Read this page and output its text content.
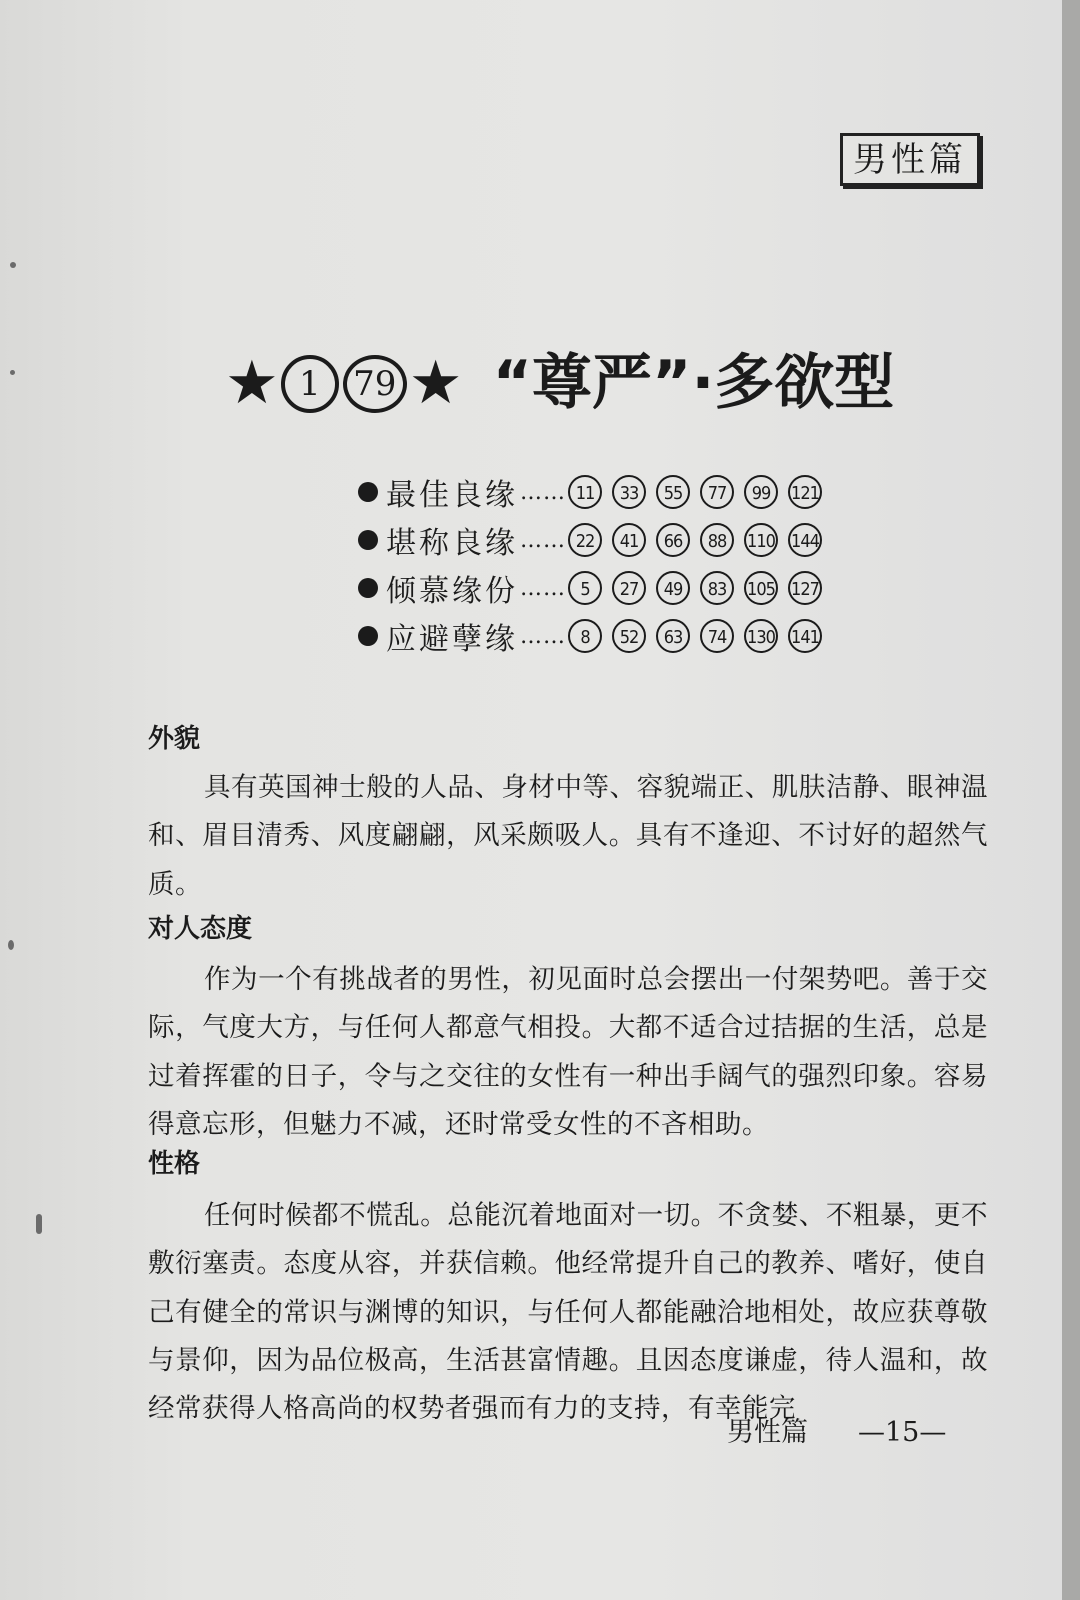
男性篇
★ 1 79 ★ “尊严”·多欲型
最佳良缘 …… 11	33	55	77	99	121
堪称良缘 …… 22	41	66	88	110 144
倾慕缘份 …… 5	27	49	83	105 127
应避孽缘 …… 8	52	63	74	130 141
外貌
具有英国神士般的人品、身材中等、容貌端正、肌肤洁静、眼神温和、眉目清秀、风度翩翩，风采颇吸人。具有不逢迎、不讨好的超然气质。
对人态度
作为一个有挑战者的男性，初见面时总会摆出一付架势吧。善于交际，气度大方，与任何人都意气相投。大都不适合过拮据的生活，总是过着挥霍的日子，令与之交往的女性有一种出手阔气的强烈印象。容易得意忘形，但魅力不减，还时常受女性的不吝相助。
性格
任何时候都不慌乱。总能沉着地面对一切。不贪婪、不粗暴，更不敷衍塞责。态度从容，并获信赖。他经常提升自己的教养、嗜好，使自己有健全的常识与渊博的知识，与任何人都能融洽地相处，故应获尊敬与景仰，因为品位极高，生活甚富情趣。且因态度谦虚，待人温和，故经常获得人格高尚的权势者强而有力的支持，有幸能完
男性篇 —15—
